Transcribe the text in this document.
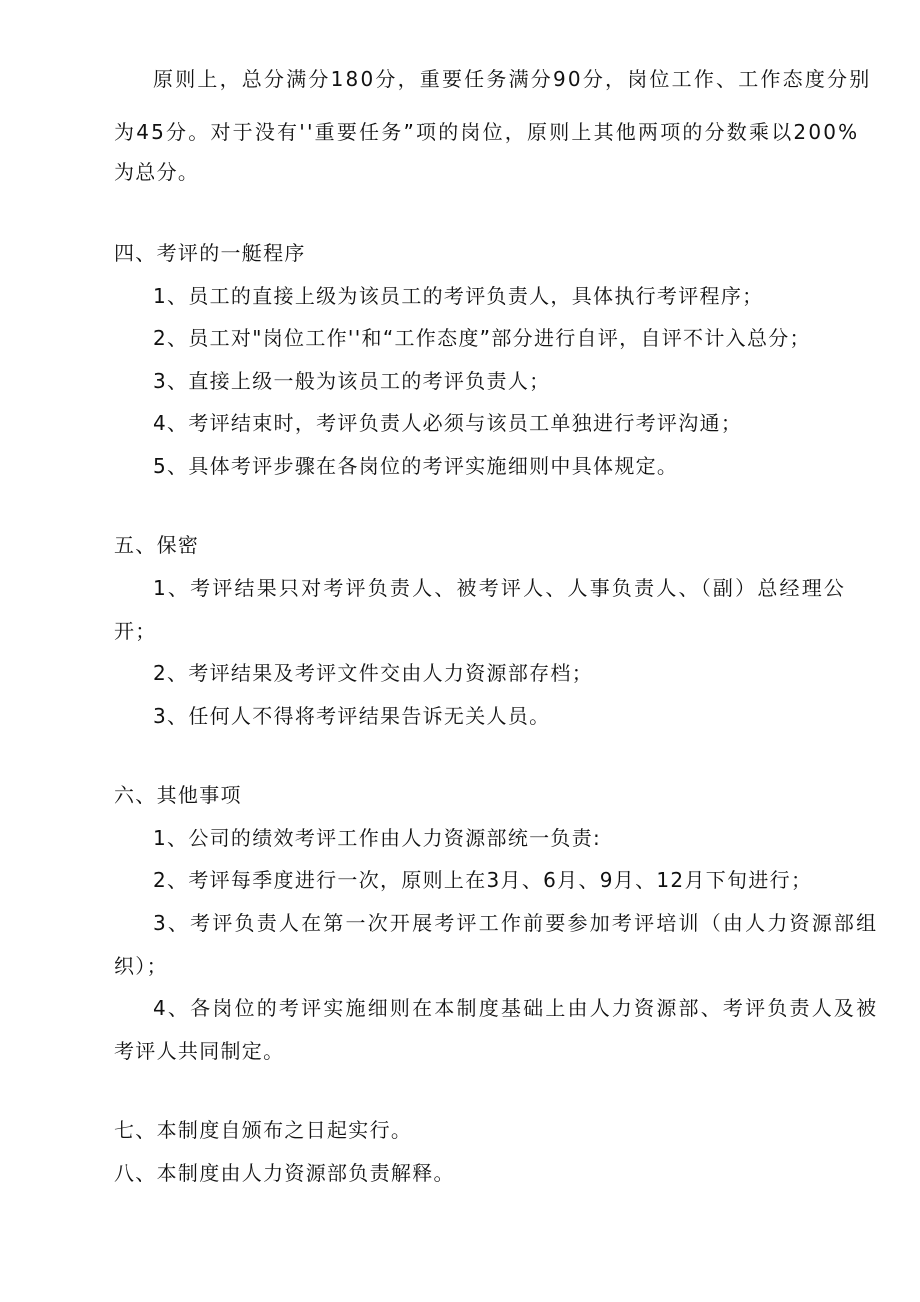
原则上，总分满分180分，重要任务满分90分，岗位工作、工作态度分别
为45分。对于没有''重要任务”项的岗位，原则上其他两项的分数乘以200%
为总分。
四、考评的一艇程序
1、员工的直接上级为该员工的考评负责人，具体执行考评程序；
2、员工对"岗位工作''和“工作态度”部分进行自评，自评不计入总分；
3、直接上级一般为该员工的考评负责人；
4、考评结束时，考评负责人必须与该员工单独进行考评沟通；
5、具体考评步骤在各岗位的考评实施细则中具体规定。
五、保密
1、考评结果只对考评负责人、被考评人、人事负责人、（副）总经理公
开；
2、考评结果及考评文件交由人力资源部存档；
3、任何人不得将考评结果告诉无关人员。
六、其他事项
1、公司的绩效考评工作由人力资源部统一负责:
2、考评每季度进行一次，原则上在3月、6月、9月、12月下旬进行；
3、考评负责人在第一次开展考评工作前要参加考评培训（由人力资源部组
织）；
4、各岗位的考评实施细则在本制度基础上由人力资源部、考评负责人及被
考评人共同制定。
七、本制度自颁布之日起实行。
八、本制度由人力资源部负责解释。
